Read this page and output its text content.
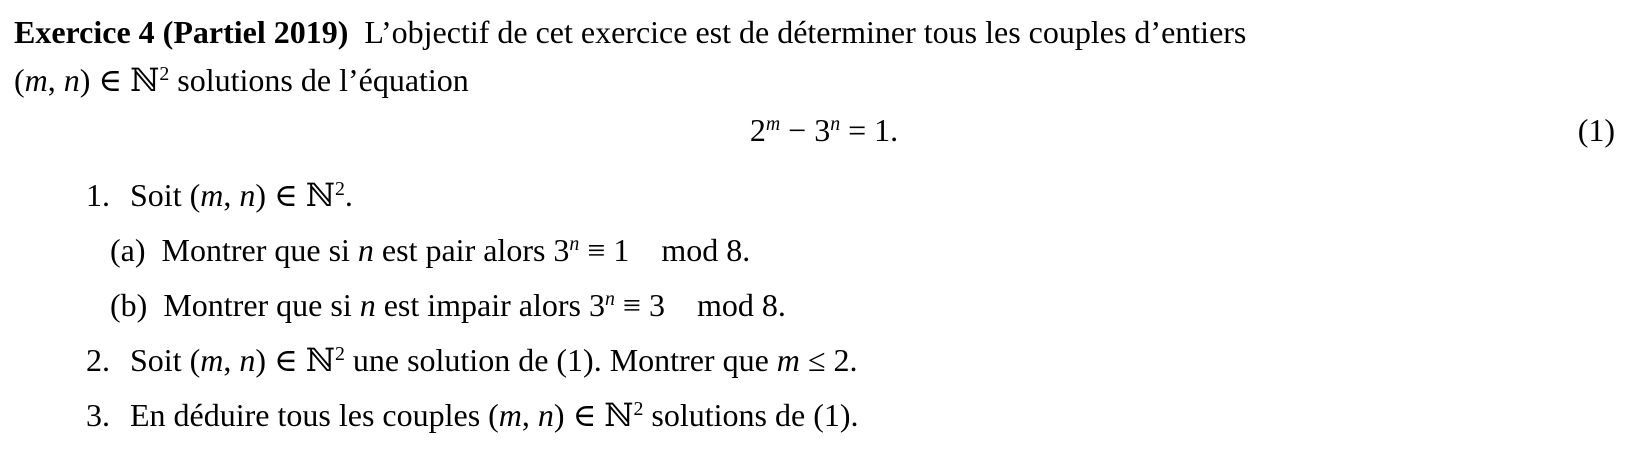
Exercice 4 (Partiel 2019) L’objectif de cet exercice est de déterminer tous les couples d’entiers
(m, n) ∈ ℕ$^2$ solutions de l’équation
$2^m - 3^n = 1$.	(1)
1. Soit (m, n) ∈ ℕ$^2$.
(a) Montrer que si n est pair alors $3^n \equiv 1$ mod 8.
(b) Montrer que si n est impair alors $3^n \equiv 3$ mod 8.
2. Soit (m, n) ∈ ℕ$^2$ une solution de (1). Montrer que m ≤ 2.
3. En déduire tous les couples (m, n) ∈ ℕ$^2$ solutions de (1).
